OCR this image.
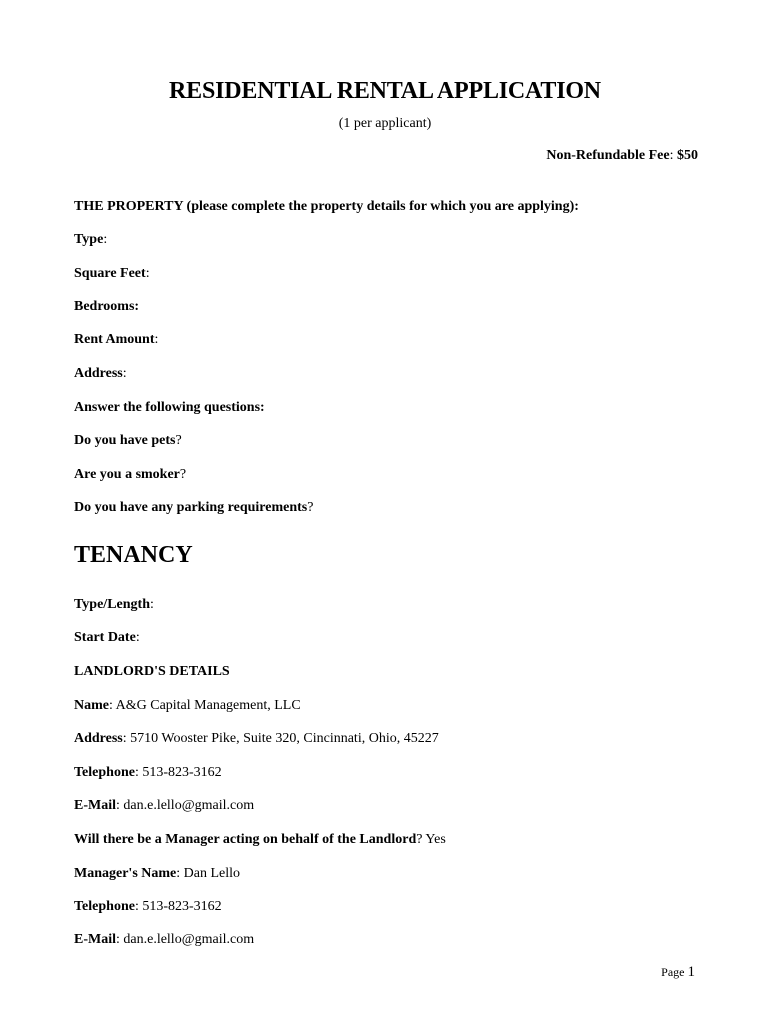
RESIDENTIAL RENTAL APPLICATION
(1 per applicant)
Non-Refundable Fee: $50
THE PROPERTY (please complete the property details for which you are applying):
Type:
Square Feet:
Bedrooms:
Rent Amount:
Address:
Answer the following questions:
Do you have pets?
Are you a smoker?
Do you have any parking requirements?
TENANCY
Type/Length:
Start Date:
LANDLORD'S DETAILS
Name: A&G Capital Management, LLC
Address: 5710 Wooster Pike, Suite 320, Cincinnati, Ohio, 45227
Telephone: 513-823-3162
E-Mail: dan.e.lello@gmail.com
Will there be a Manager acting on behalf of the Landlord? Yes
Manager's Name: Dan Lello
Telephone: 513-823-3162
E-Mail: dan.e.lello@gmail.com
Page 1
